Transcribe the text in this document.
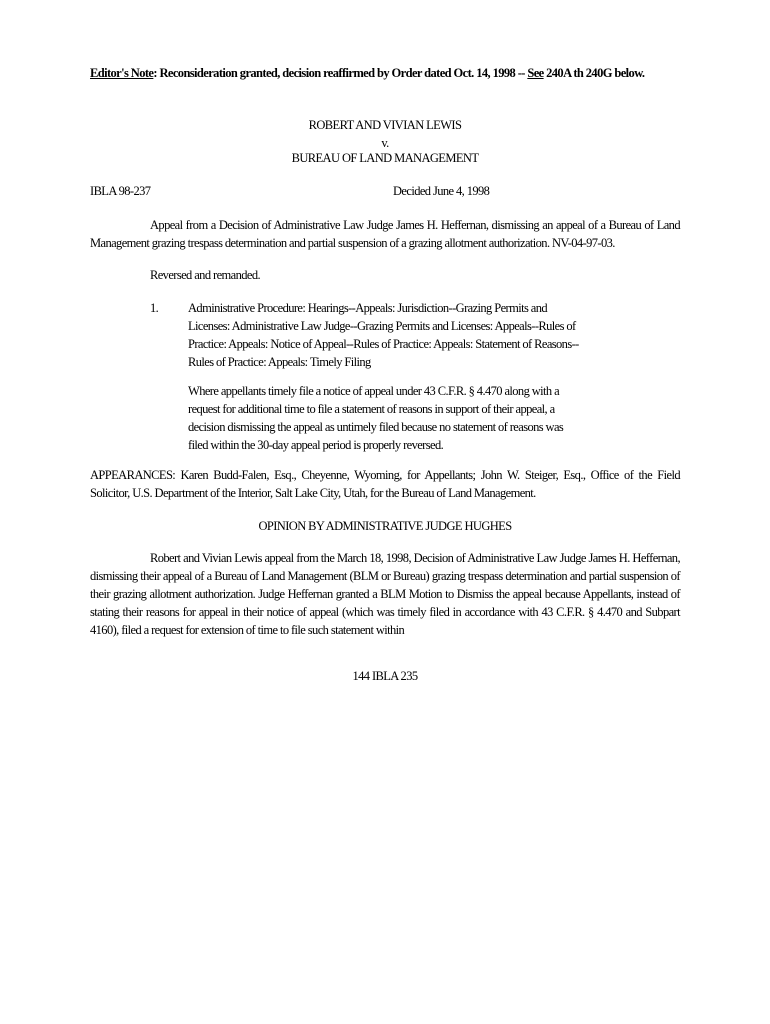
Editor's Note: Reconsideration granted, decision reaffirmed by Order dated Oct. 14, 1998 -- See 240A th 240G below.
ROBERT AND VIVIAN LEWIS
v.
BUREAU OF LAND MANAGEMENT
IBLA 98-237	Decided June 4, 1998
Appeal from a Decision of Administrative Law Judge James H. Heffernan, dismissing an appeal of a Bureau of Land Management grazing trespass determination and partial suspension of a grazing allotment authorization. NV-04-97-03.
Reversed and remanded.
1. Administrative Procedure: Hearings--Appeals: Jurisdiction--Grazing Permits and Licenses: Administrative Law Judge--Grazing Permits and Licenses: Appeals--Rules of Practice: Appeals: Notice of Appeal--Rules of Practice: Appeals: Statement of Reasons--Rules of Practice: Appeals: Timely Filing
Where appellants timely file a notice of appeal under 43 C.F.R. § 4.470 along with a request for additional time to file a statement of reasons in support of their appeal, a decision dismissing the appeal as untimely filed because no statement of reasons was filed within the 30-day appeal period is properly reversed.
APPEARANCES: Karen Budd-Falen, Esq., Cheyenne, Wyoming, for Appellants; John W. Steiger, Esq., Office of the Field Solicitor, U.S. Department of the Interior, Salt Lake City, Utah, for the Bureau of Land Management.
OPINION BY ADMINISTRATIVE JUDGE HUGHES
Robert and Vivian Lewis appeal from the March 18, 1998, Decision of Administrative Law Judge James H. Heffernan, dismissing their appeal of a Bureau of Land Management (BLM or Bureau) grazing trespass determination and partial suspension of their grazing allotment authorization. Judge Heffernan granted a BLM Motion to Dismiss the appeal because Appellants, instead of stating their reasons for appeal in their notice of appeal (which was timely filed in accordance with 43 C.F.R. § 4.470 and Subpart 4160), filed a request for extension of time to file such statement within
144 IBLA 235
